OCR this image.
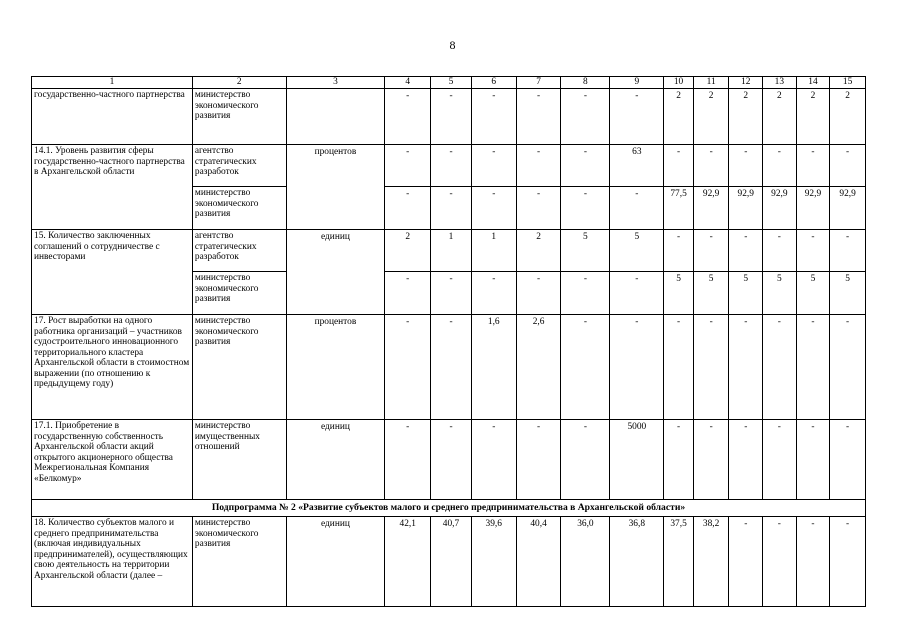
8
1	2	3	4	5	6	7	8	9	10	11	12	13	14	15
государственно-частного партнерства	министерство экономического развития		-	-	-	-	-	-	2	2	2	2	2	2
14.1. Уровень развития сферы государственно-частного партнерства в Архангельской области	агентство стратегических разработок	процентов	-	-	-	-	-	63	-	-	-	-	-	-
	министерство экономического развития		-	-	-	-	-	-	77,5	92,9	92,9	92,9	92,9	92,9
15. Количество заключенных соглашений о сотрудничестве с инвесторами	агентство стратегических разработок	единиц	2	1	1	2	5	5	-	-	-	-	-	-
	министерство экономического развития		-	-	-	-	-	-	5	5	5	5	5	5
17. Рост выработки на одного работника организаций – участников судостроительного инновационного территориального кластера Архангельской области в стоимостном выражении (по отношению к предыдущему году)	министерство экономического развития	процентов	-	-	1,6	2,6	-	-	-	-	-	-	-	-
17.1. Приобретение в государственную собственность Архангельской области акций открытого акционерного общества Межрегиональная Компания «Белкомур»	министерство имущественных отношений	единиц	-	-	-	-	-	5000	-	-	-	-	-	-
Подпрограмма № 2 «Развитие субъектов малого и среднего предпринимательства в Архангельской области»														
18. Количество субъектов малого и среднего предпринимательства (включая индивидуальных предпринимателей), осуществляющих свою деятельность на территории Архангельской области (далее –	министерство экономического развития	единиц	42,1	40,7	39,6	40,4	36,0	36,8	37,5	38,2	-	-	-	-
